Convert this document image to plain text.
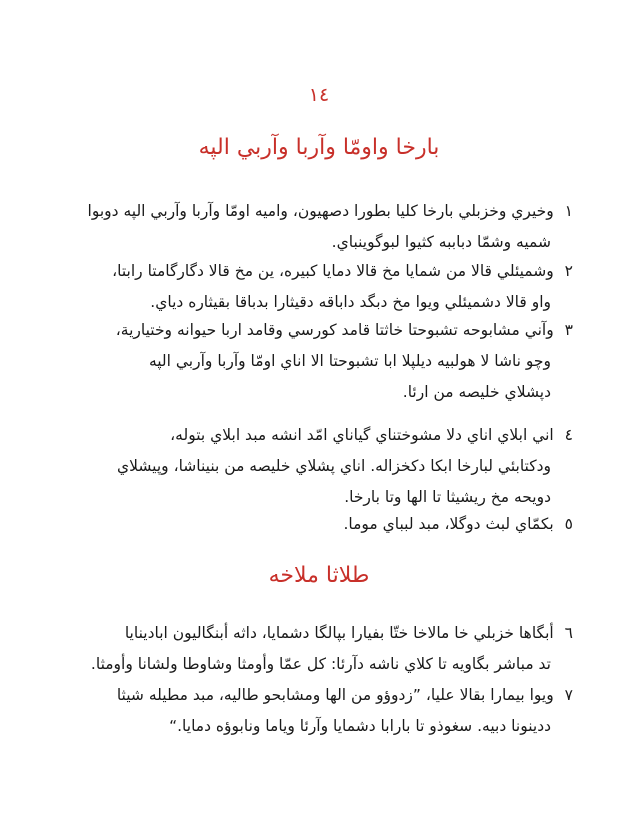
١٤
بارخا واومّا وآربا وآربي الپه
١ وخيري وخزبلي بارخا كليا بطورا دصهيون، واميه اومّا وآربا وآربي الپه دوبوا
شميه وشمّا دباببه كثيوا لبوگوينباي.
٢ وشميئلي قالا من شمايا مخ قالا دمايا كبيره، ين مخ قالا دگارگامتا رابتا،
واو قالا دشميئلي ويوا مخ دبگد داباقه دقيثارا بدباقا بقيثاره دياي.
٣ وآني مشابوحه تشبوحتا خاثتا قامد كورسي وقامد اربا حيوانه وختيارية،
وچو ناشا لا هولبيه ديلپلا ابا تشبوحتا الا اناي اومّا وآربا وآربي الپه
دپشلاي خليصه من ارئا.
٤ اني ابلاي اناي دلا مشوختناي گياناي امّد انشه مبد ابلاي بتوله،
ودكتابئي لبارخا ابكا دكخزاله. اناي پشلاي خليصه من بنيناشا، وپيشلاي
دويحه مخ ريشيثا تا الها وتا بارخا.
٥ بكمّاي لبث دوگلا، مبد لبباي موما.
طلاثا ملاخه
٦ أبگاها خزبلي خا مالاخا ختّا بفيارا بپالگا دشمايا، داثه أبنگاليون ابادينايا
تد مباشر بگاويه تا كلاي ناشه دآرئا: كل عمّا وأومثا وشاوطا ولشانا وأومثا.
٧ ويوا بيمارا بقالا عليا، ”زدوؤو من الها ومشابحو طاليه، مبد مطيله شيثا
ددينونا دبيه. سغوذو تا بارابا دشمايا وآرئا وياما ونابوؤه دمايا.“
